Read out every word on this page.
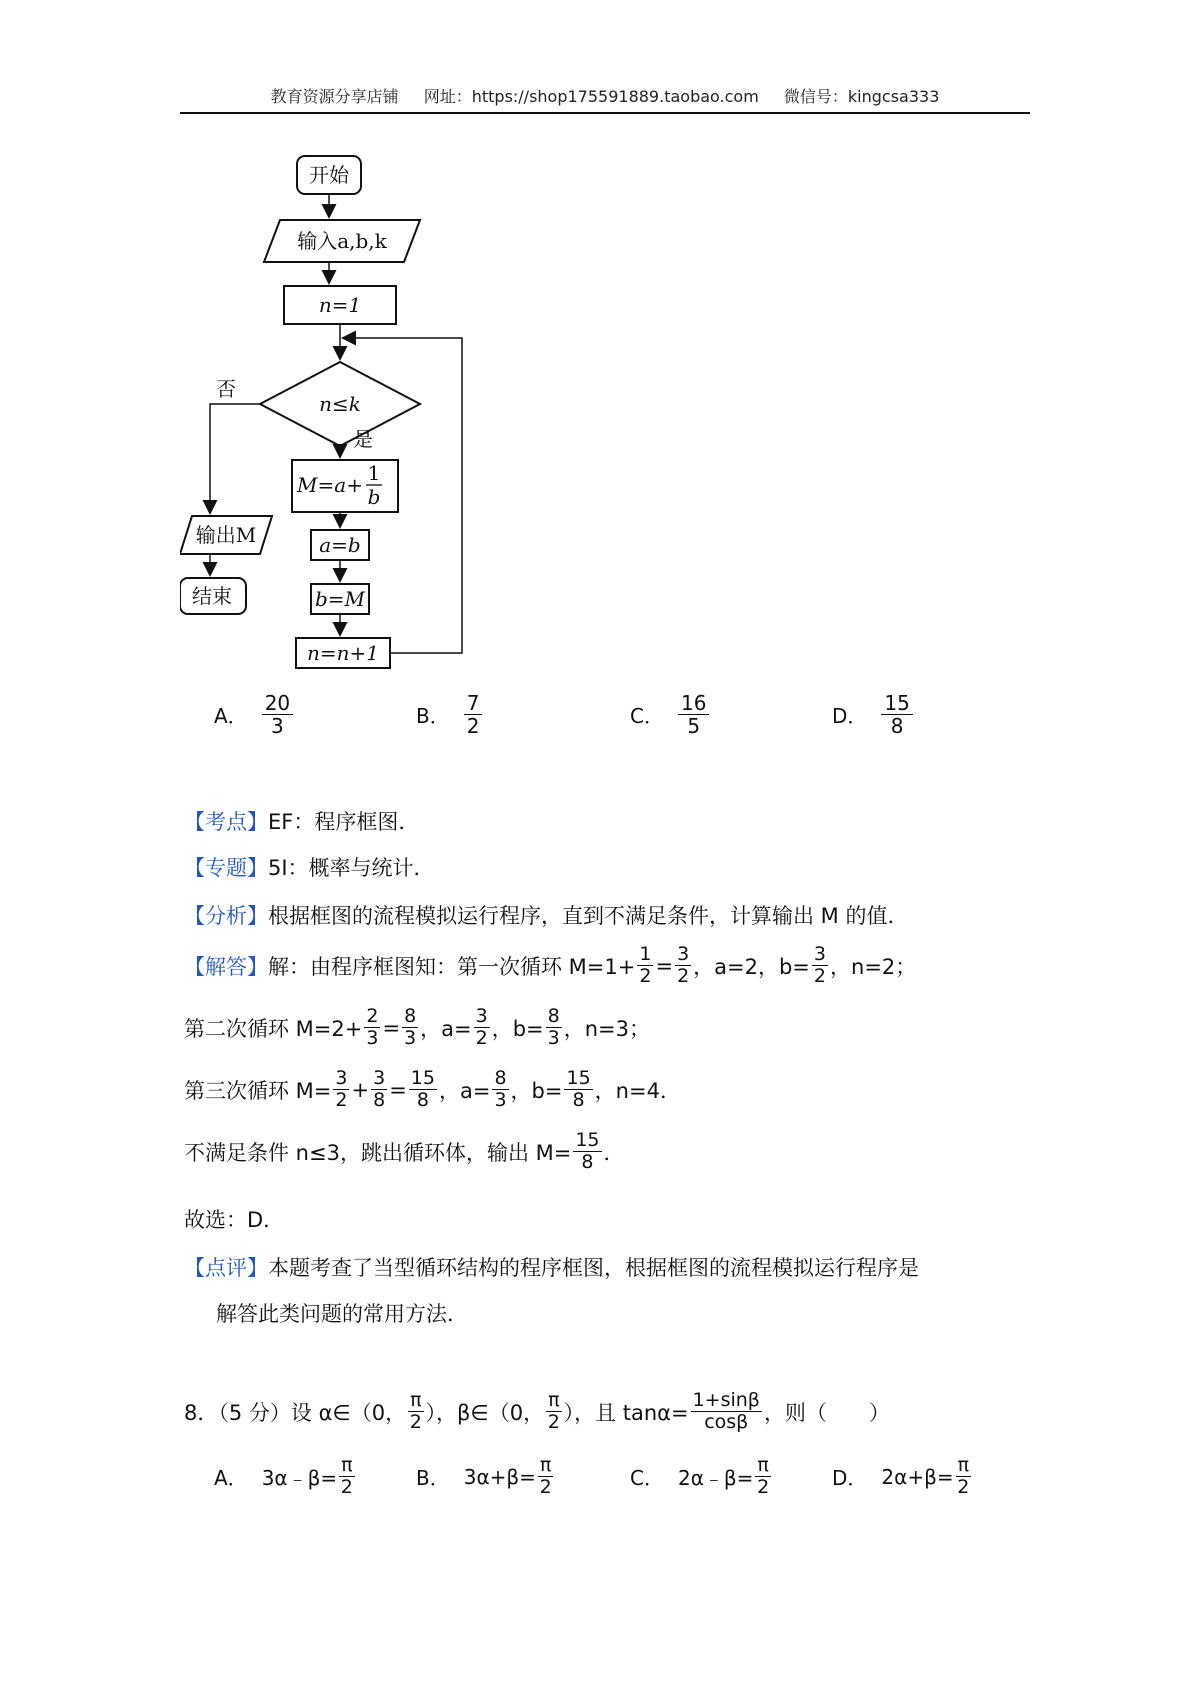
教育资源分享店铺 网址：https://shop175591889.taobao.com 微信号：kingcsa333
开始
输入a,b,k
n=1
n≤k
否
是
M=a+ 1
b
a=b
b=M
n=n+1
输出M
结束
A． $\frac{20}{3}$	B． $\frac{7}{2}$	C． $\frac{16}{5}$	D． $\frac{15}{8}$
【考点】 EF：程序框图．
【专题】 5I：概率与统计．
【分析】 根据框图的流程模拟运行程序，直到不满足条件，计算输出 M 的值．
【解答】 解：由程序框图知：第一次循环 $M=1+ \frac{1}{2} = \frac{3}{2}$ ，a=2，$b= \frac{3}{2}$ ，n=2；
第二次循环 $M=2+ \frac{2}{3} = \frac{8}{3}$ ，$a= \frac{3}{2}$ ，$b= \frac{8}{3}$ ，n=3；
第三次循环 $M= \frac{3}{2} + \frac{3}{8} = \frac{15}{8}$ ，$a= \frac{8}{3}$ ，$b= \frac{15}{8}$ ，n=4．
不满足条件 n≤3，跳出循环体，输出 $M= \frac{15}{8}$ ．
故选：D．
【点评】 本题考查了当型循环结构的程序框图，根据框图的流程模拟运行程序是
解答此类问题的常用方法．
8．（5 分）设 α∈（0， $\frac{\pi}{2}$ ），β∈（0， $\frac{\pi}{2}$ ），且 $\tan\alpha= \frac{1+\sin\beta}{\cos\beta}$ ，则（　　）
A． 3α﹣β= $\frac{\pi}{2}$	B． $3\alpha+\beta= \frac{\pi}{2}$	C． 2α﹣β= $\frac{\pi}{2}$	D． $2\alpha+\beta= \frac{\pi}{2}$
